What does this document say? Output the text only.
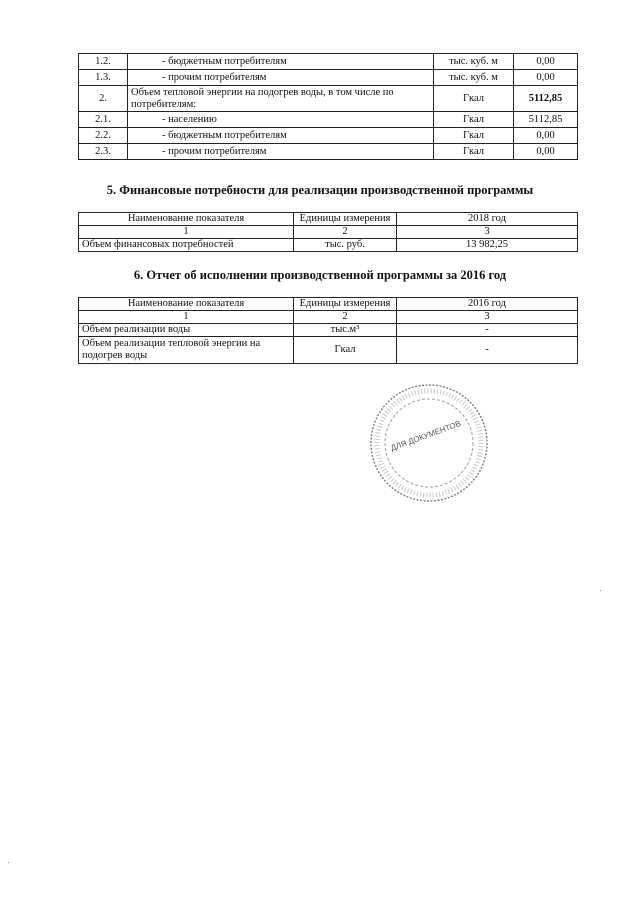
1.2.	- бюджетным потребителям	тыс. куб. м	0,00
1.3.	- прочим потребителям	тыс. куб. м	0,00
2.	Объем тепловой энергии на подогрев воды, в том числе по потребителям:	Гкал	5112,85
2.1.	- населению	Гкал	5112,85
2.2.	- бюджетным потребителям	Гкал	0,00
2.3.	- прочим потребителям	Гкал	0,00
5. Финансовые потребности для реализации производственной программы
Наименование показателя	Единицы измерения	2018 год
1	2	3
Объем финансовых потребностей	тыс. руб.	13 982,25
6. Отчет об исполнении производственной программы за 2016 год
Наименование показателя	Единицы измерения	2016 год
1	2	3
Объем реализации воды	тыс.м³	-
Объем реализации тепловой энергии на подогрев воды	Гкал	-
ДЛЯ ДОКУМЕНТОВ
